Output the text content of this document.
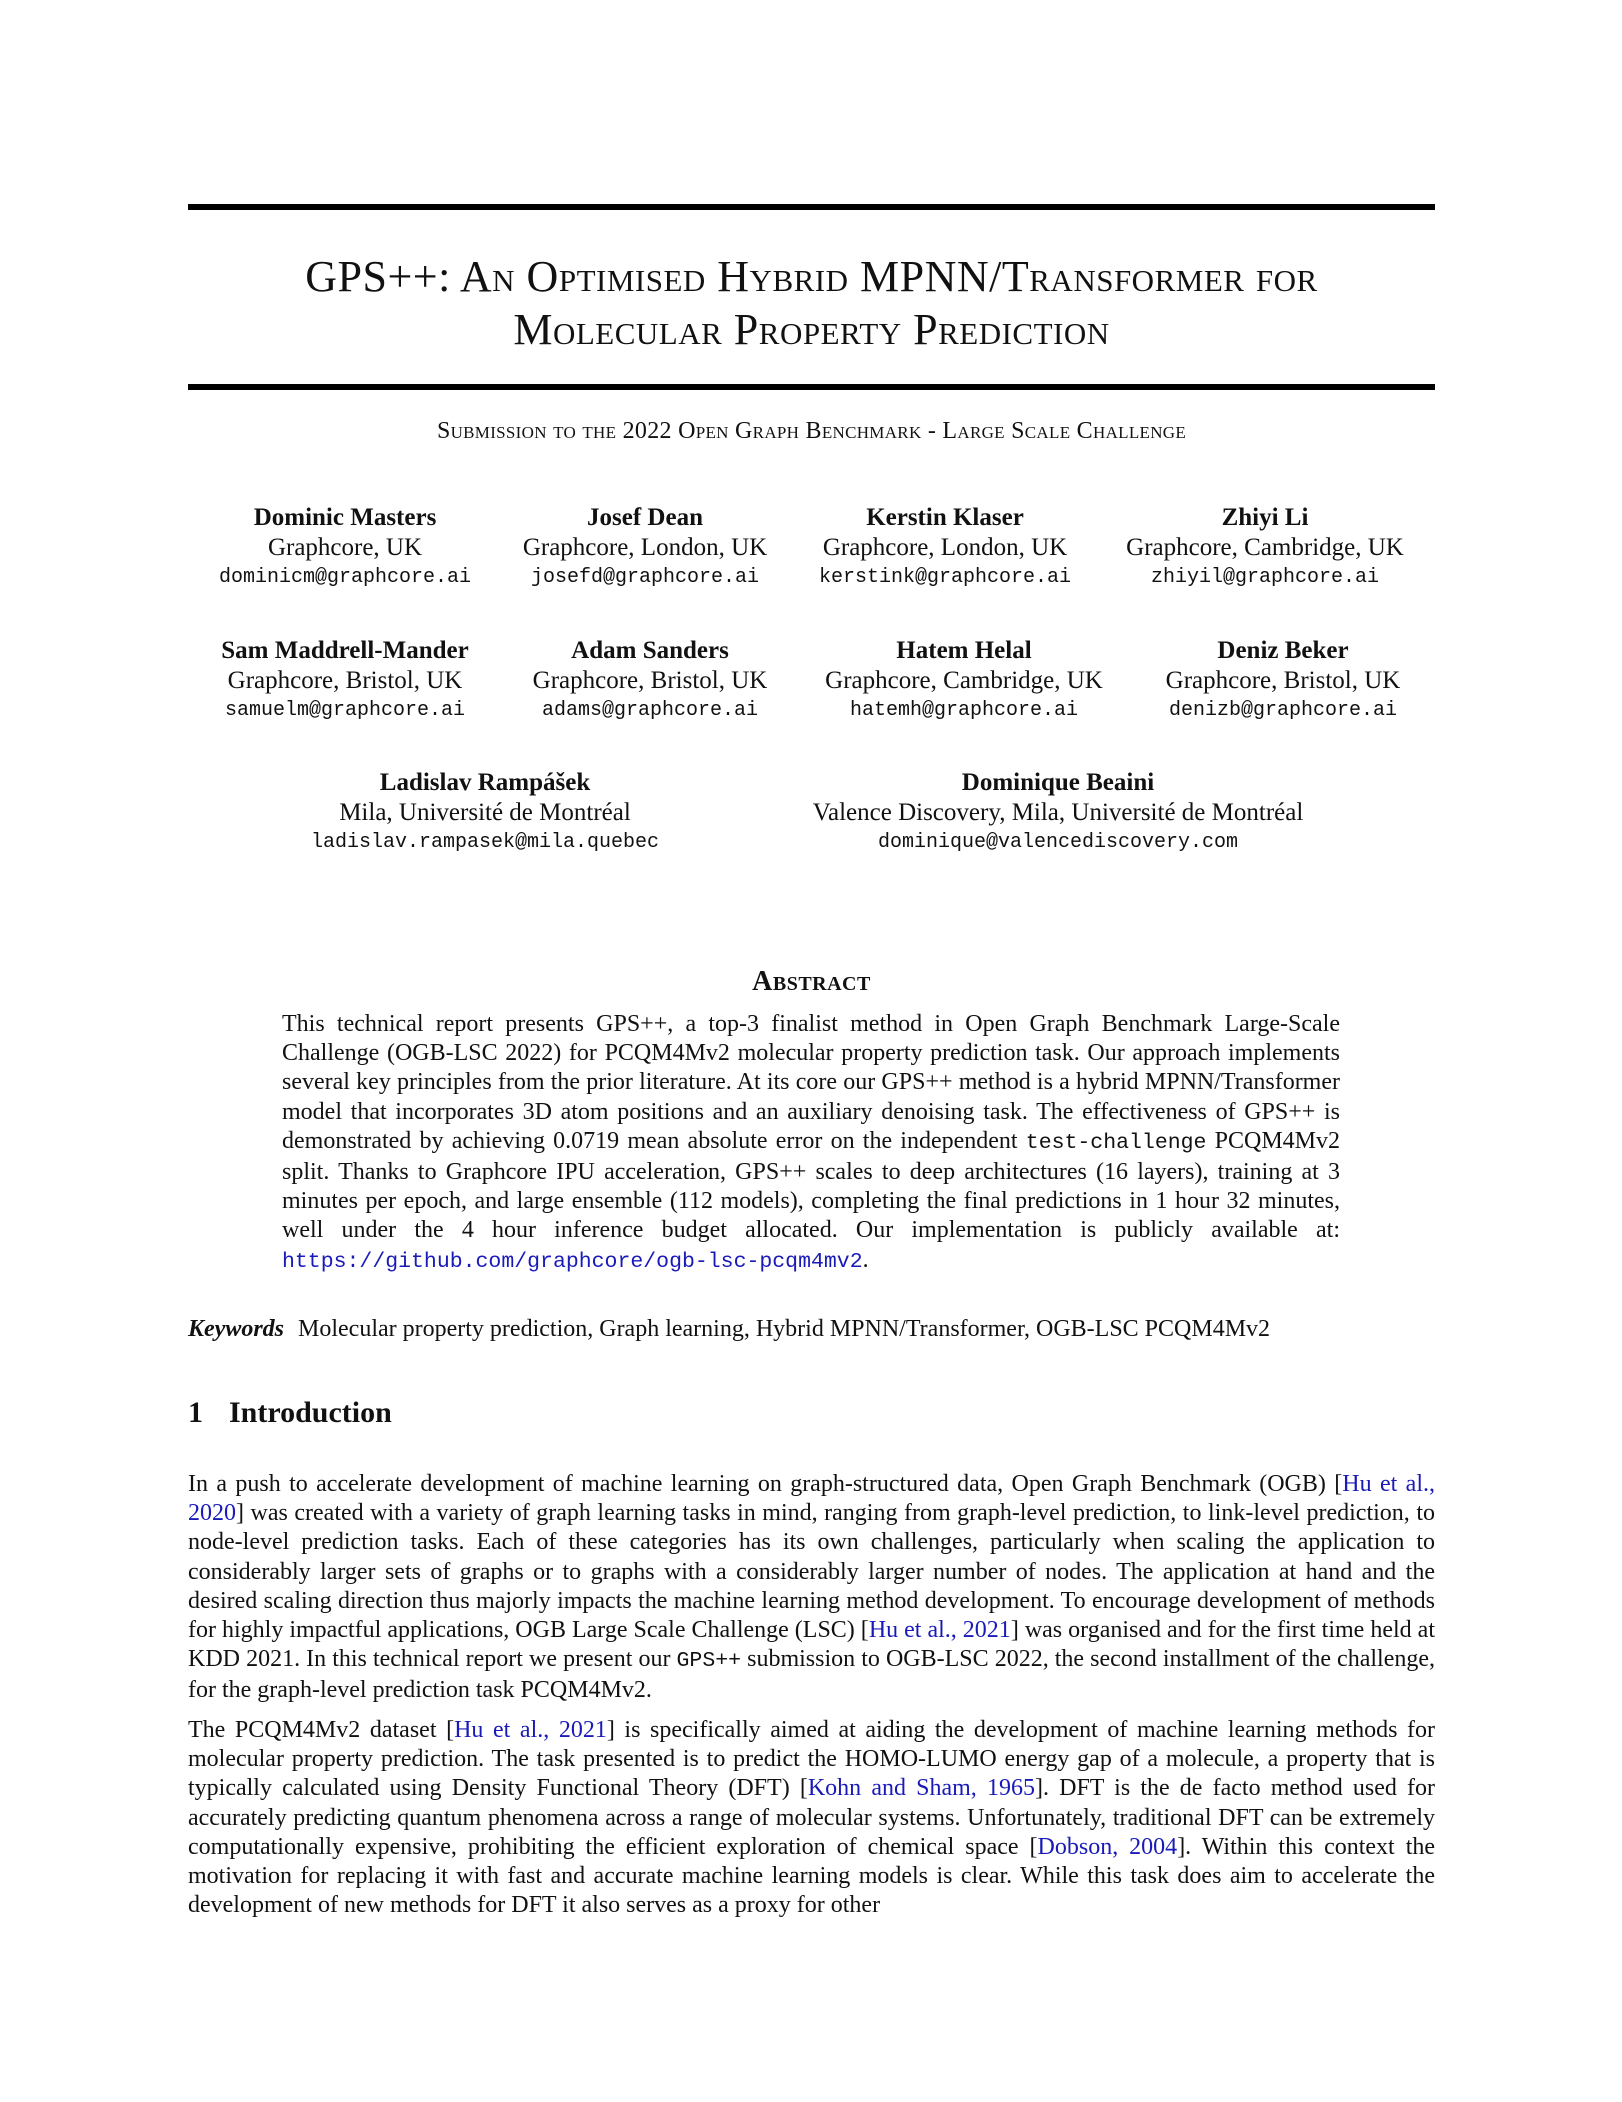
GPS++: An Optimised Hybrid MPNN/Transformer for
Molecular Property Prediction
Submission to the 2022 Open Graph Benchmark - Large Scale Challenge
Dominic Masters
Graphcore, UK
dominicm@graphcore.ai
Josef Dean
Graphcore, London, UK
josefd@graphcore.ai
Kerstin Klaser
Graphcore, London, UK
kerstink@graphcore.ai
Zhiyi Li
Graphcore, Cambridge, UK
zhiyil@graphcore.ai
Sam Maddrell-Mander
Graphcore, Bristol, UK
samuelm@graphcore.ai
Adam Sanders
Graphcore, Bristol, UK
adams@graphcore.ai
Hatem Helal
Graphcore, Cambridge, UK
hatemh@graphcore.ai
Deniz Beker
Graphcore, Bristol, UK
denizb@graphcore.ai
Ladislav Rampášek
Mila, Université de Montréal
ladislav.rampasek@mila.quebec
Dominique Beaini
Valence Discovery, Mila, Université de Montréal
dominique@valencediscovery.com
Abstract

This technical report presents GPS++, a top-3 finalist method in Open Graph Benchmark Large-Scale Challenge (OGB-LSC 2022) for PCQM4Mv2 molecular property prediction task. Our approach implements several key principles from the prior literature. At its core our GPS++ method is a hybrid MPNN/Transformer model that incorporates 3D atom positions and an auxiliary denoising task. The effectiveness of GPS++ is demonstrated by achieving 0.0719 mean absolute error on the independent test-challenge PCQM4Mv2 split. Thanks to Graphcore IPU acceleration, GPS++ scales to deep architectures (16 layers), training at 3 minutes per epoch, and large ensemble (112 models), completing the final predictions in 1 hour 32 minutes, well under the 4 hour inference budget allocated. Our implementation is publicly available at: https://github.com/graphcore/ogb-lsc-pcqm4mv2.

Keywords Molecular property prediction, Graph learning, Hybrid MPNN/Transformer, OGB-LSC PCQM4Mv2
1 Introduction

In a push to accelerate development of machine learning on graph-structured data, Open Graph Benchmark (OGB) [Hu et al., 2020] was created with a variety of graph learning tasks in mind, ranging from graph-level prediction, to link-level prediction, to node-level prediction tasks. Each of these categories has its own challenges, particularly when scaling the application to considerably larger sets of graphs or to graphs with a considerably larger number of nodes. The application at hand and the desired scaling direction thus majorly impacts the machine learning method development. To encourage development of methods for highly impactful applications, OGB Large Scale Challenge (LSC) [Hu et al., 2021] was organised and for the first time held at KDD 2021. In this technical report we present our GPS++ submission to OGB-LSC 2022, the second installment of the challenge, for the graph-level prediction task PCQM4Mv2.

The PCQM4Mv2 dataset [Hu et al., 2021] is specifically aimed at aiding the development of machine learning methods for molecular property prediction. The task presented is to predict the HOMO-LUMO energy gap of a molecule, a property that is typically calculated using Density Functional Theory (DFT) [Kohn and Sham, 1965]. DFT is the de facto method used for accurately predicting quantum phenomena across a range of molecular systems. Unfortunately, traditional DFT can be extremely computationally expensive, prohibiting the efficient exploration of chemical space [Dobson, 2004]. Within this context the motivation for replacing it with fast and accurate machine learning models is clear. While this task does aim to accelerate the development of new methods for DFT it also serves as a proxy for other
